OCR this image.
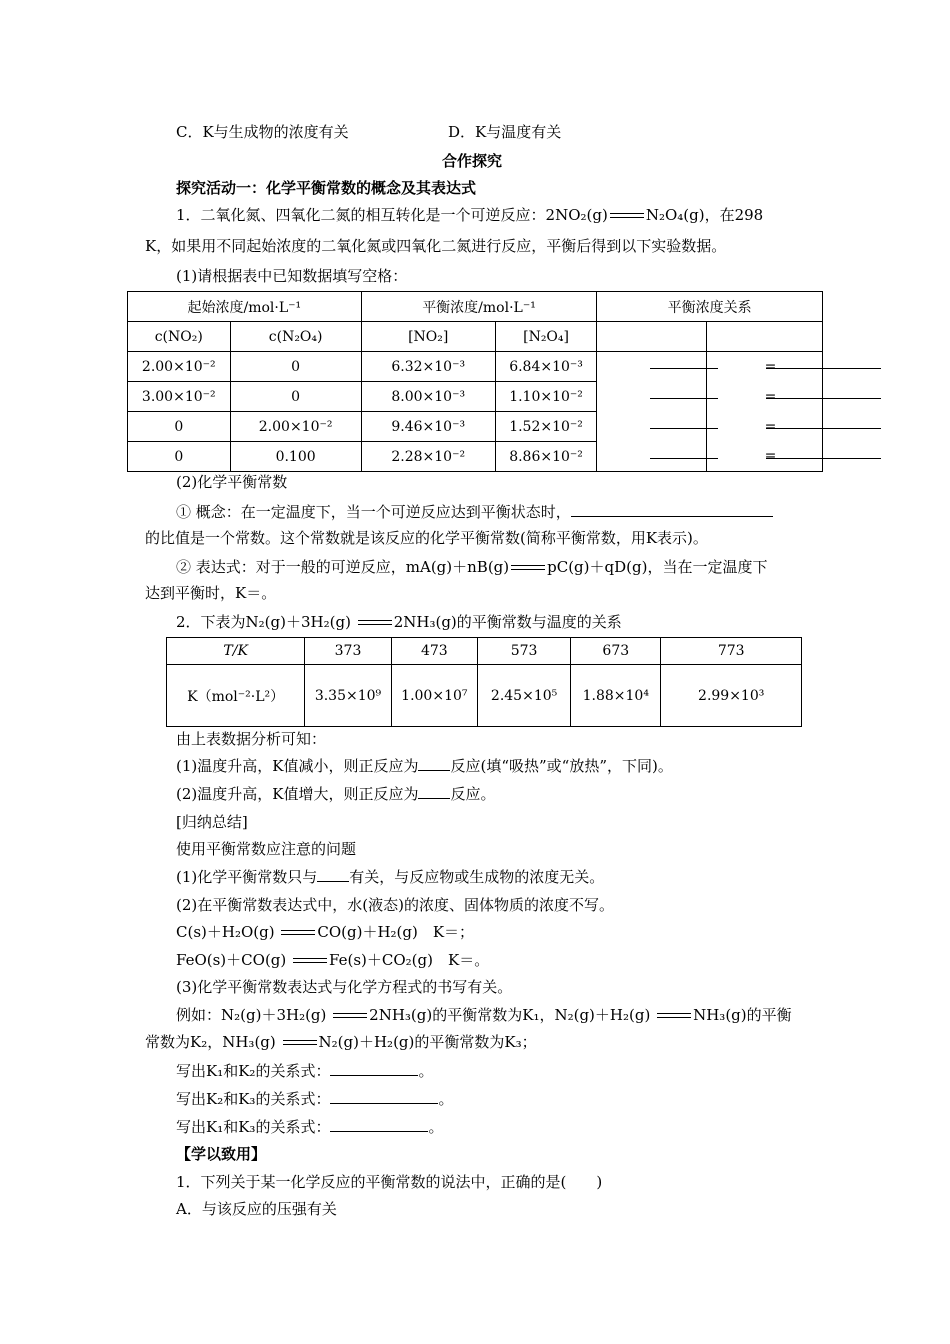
C．K与生成物的浓度有关	D．K与温度有关
合作探究
探究活动一：化学平衡常数的概念及其表达式
1．二氧化氮、四氧化二氮的相互转化是一个可逆反应：2NO₂(g)	N₂O₄(g)，在298
K，如果用不同起始浓度的二氧化氮或四氧化二氮进行反应，平衡后得到以下实验数据。
(1)请根据表中已知数据填写空格：
起始浓度/mol·L⁻¹		平衡浓度/mol·L⁻¹		平衡浓度关系	
c(NO₂)	c(N₂O₄)	[NO₂]	[N₂O₄]		
2.00×10⁻²	0	6.32×10⁻³	6.84×10⁻³		=
3.00×10⁻²	0	8.00×10⁻³	1.10×10⁻²		=
0	2.00×10⁻²	9.46×10⁻³	1.52×10⁻²		=
0	0.100	2.28×10⁻²	8.86×10⁻²		=
(2)化学平衡常数
① 概念：在一定温度下，当一个可逆反应达到平衡状态时，
的比值是一个常数。这个常数就是该反应的化学平衡常数(简称平衡常数，用K表示)。
② 表达式：对于一般的可逆反应，mA(g)＋nB(g)	pC(g)＋qD(g)，当在一定温度下
达到平衡时，K＝。
2．下表为N₂(g)＋3H₂(g)	2NH₃(g)的平衡常数与温度的关系
T/K	373	473	573	673	773
K（mol⁻²·L²）	3.35×10⁹	1.00×10⁷	2.45×10⁵	1.88×10⁴	2.99×10³
由上表数据分析可知：
(1)温度升高，K值减小，则正反应为 反应(填“吸热”或“放热”，下同)。
(2)温度升高，K值增大，则正反应为 反应。
[归纳总结]
使用平衡常数应注意的问题
(1)化学平衡常数只与 有关，与反应物或生成物的浓度无关。
(2)在平衡常数表达式中，水(液态)的浓度、固体物质的浓度不写。
C(s)＋H₂O(g)	CO(g)＋H₂(g)　K＝；
FeO(s)＋CO(g)	Fe(s)＋CO₂(g)　K＝。
(3)化学平衡常数表达式与化学方程式的书写有关。
例如：N₂(g)＋3H₂(g)	2NH₃(g)的平衡常数为K₁，N₂(g)＋H₂(g)	NH₃(g)的平衡
常数为K₂，NH₃(g)	N₂(g)＋H₂(g)的平衡常数为K₃；
写出K₁和K₂的关系式：	。
写出K₂和K₃的关系式：	。
写出K₁和K₃的关系式：	。
【学以致用】
1．下列关于某一化学反应的平衡常数的说法中，正确的是(　　)
A．与该反应的压强有关
